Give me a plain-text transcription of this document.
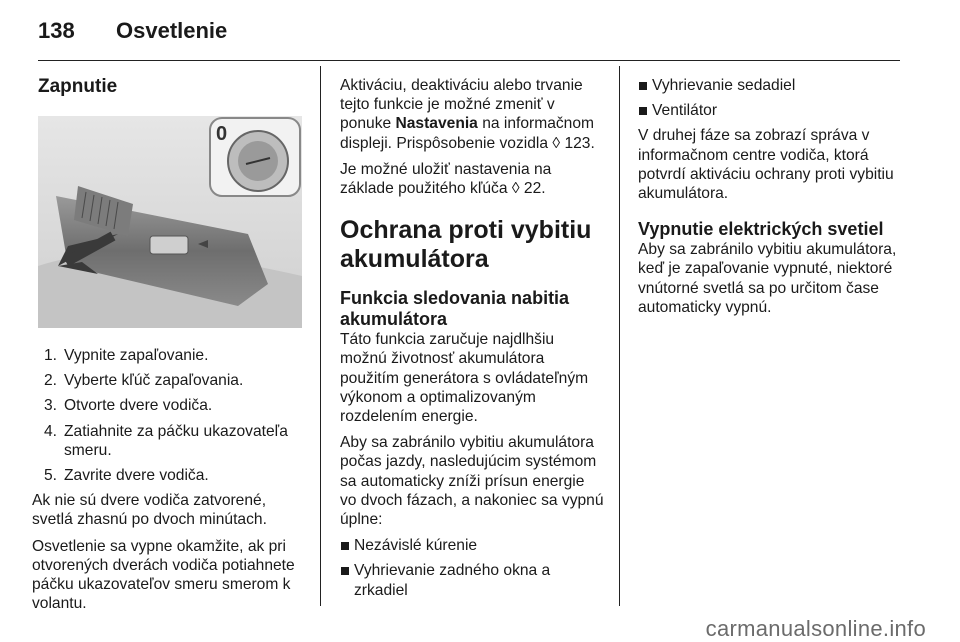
138 Osvetlenie
Zapnutie
0
1. Vypnite zapaľovanie.
2. Vyberte kľúč zapaľovania.
3. Otvorte dvere vodiča.
4. Zatiahnite za páčku ukazovateľa smeru.
5. Zavrite dvere vodiča.

Ak nie sú dvere vodiča zatvorené, svetlá zhasnú po dvoch minútach.

Osvetlenie sa vypne okamžite, ak pri otvorených dverách vodiča potiahnete páčku ukazovateľov smeru smerom k volantu.

Aktiváciu, deaktiváciu alebo trvanie tejto funkcie je možné zmeniť v ponuke Nastavenia na informačnom displeji. Prispôsobenie vozidla ◊ 123.

Je možné uložiť nastavenia na základe použitého kľúča ◊ 22.

Ochrana proti vybitiu akumulátora
Funkcia sledovania nabitia akumulátora

Táto funkcia zaručuje najdlhšiu možnú životnosť akumulátora použitím generátora s ovládateľným výkonom a optimalizovaným rozdelením energie.

Aby sa zabránilo vybitiu akumulátora počas jazdy, nasledujúcim systémom sa automaticky zníži prísun energie vo dvoch fázach, a nakoniec sa vypnú úplne:

Nezávislé kúrenie
Vyhrievanie zadného okna a zrkadiel
Vyhrievanie sedadiel
Ventilátor

V druhej fáze sa zobrazí správa v informačnom centre vodiča, ktorá potvrdí aktiváciu ochrany proti vybitiu akumulátora.

Vypnutie elektrických svetiel

Aby sa zabránilo vybitiu akumulátora, keď je zapaľovanie vypnuté, niektoré vnútorné svetlá sa po určitom čase automaticky vypnú.

carmanualsonline.info
